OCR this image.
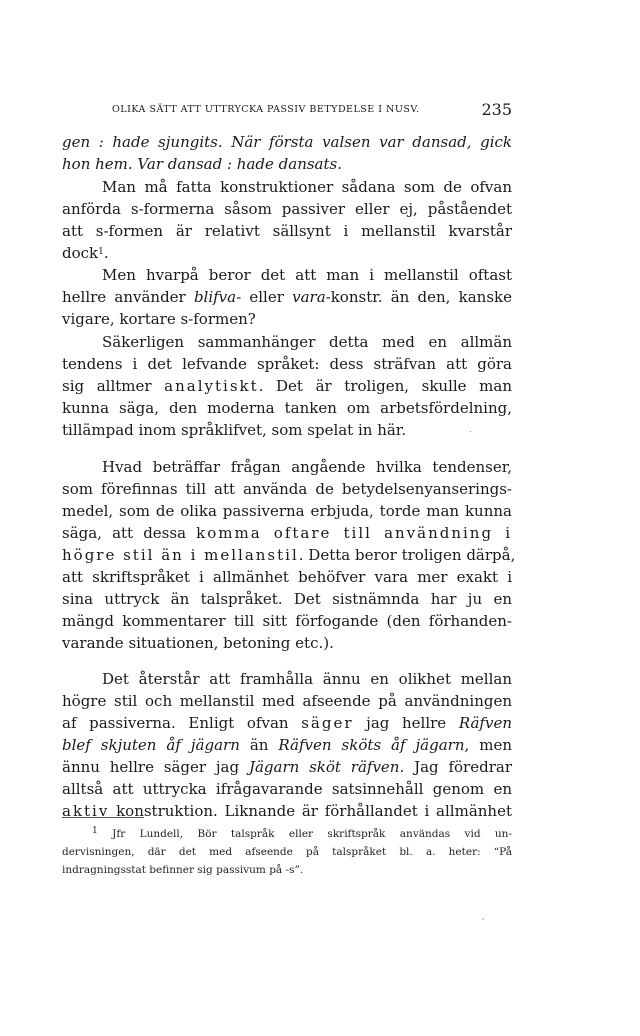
OLIKA SÄTT ATT UTTRYCKA PASSIV BETYDELSE I NUSV.	235
gen : hade sjungits. När första valsen var dansad, gick
hon hem. Var dansad : hade dansats.
Man må fatta konstruktioner sådana som de ofvan
anförda s-formerna såsom passiver eller ej, påståendet
att s-formen är relativt sällsynt i mellanstil kvarstår
dock$^1$.
Men hvarpå beror det att man i mellanstil oftast
hellre använder blifva- eller vara-konstr. än den, kanske
vigare, kortare s-formen?
Säkerligen sammanhänger detta med en allmän
tendens i det lefvande språket: dess sträfvan att göra
sig alltmer analytiskt. Det är troligen, skulle man
kunna säga, den moderna tanken om arbetsfördelning,
tillämpad inom språklifvet, som spelat in här.	.
Hvad beträffar frågan angående hvilka tendenser,
som förefinnas till att använda de betydelsenyanserings-
medel, som de olika passiverna erbjuda, torde man kunna
säga, att dessa komma oftare till användning i
högre stil än i mellanstil. Detta beror troligen därpå,
att skriftspråket i allmänhet behöfver vara mer exakt i
sina uttryck än talspråket. Det sistnämnda har ju en
mängd kommentarer till sitt förfogande (den förhanden-
varande situationen, betoning etc.).
Det återstår att framhålla ännu en olikhet mellan
högre stil och mellanstil med afseende på användningen
af passiverna. Enligt ofvan säger jag hellre Räfven
blef skjuten åf jägarn än Räfven sköts åf jägarn, men
ännu hellre säger jag Jägarn sköt räfven. Jag föredrar
alltså att uttrycka ifrågavarande satsinnehåll genom en
aktiv konstruktion. Liknande är förhållandet i allmänhet
$^1$ Jfr Lundell, Bör talspråk eller skriftspråk användas vid un-
dervisningen, där det med afseende på talspråket bl. a. heter: “På
indragningsstat befinner sig passivum på -s”.
,
